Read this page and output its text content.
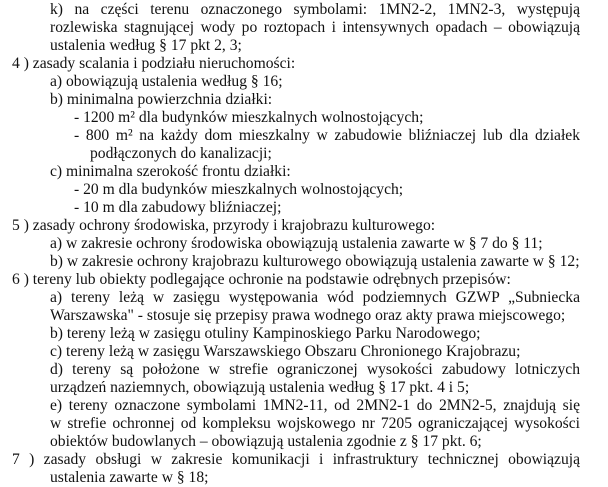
k) na części terenu oznaczonego symbolami: 1MN2-2, 1MN2-3, występują
rozlewiska stagnującej wody po roztopach i intensywnych opadach – obowiązują
ustalenia według § 17 pkt 2, 3;
4 ) zasady scalania i podziału nieruchomości:
a) obowiązują ustalenia według § 16;
b) minimalna powierzchnia działki:
- 1200 m² dla budynków mieszkalnych wolnostojących;
- 800 m² na każdy dom mieszkalny w zabudowie bliźniaczej lub dla działek
podłączonych do kanalizacji;
c) minimalna szerokość frontu działki:
- 20 m dla budynków mieszkalnych wolnostojących;
- 10 m dla zabudowy bliźniaczej;
5 ) zasady ochrony środowiska, przyrody i krajobrazu kulturowego:
a) w zakresie ochrony środowiska obowiązują ustalenia zawarte w § 7 do § 11;
b) w zakresie ochrony krajobrazu kulturowego obowiązują ustalenia zawarte w § 12;
6 ) tereny lub obiekty podlegające ochronie na podstawie odrębnych przepisów:
a) tereny leżą w zasięgu występowania wód podziemnych GZWP „Subniecka
Warszawska" - stosuje się przepisy prawa wodnego oraz akty prawa miejscowego;
b) tereny leżą w zasięgu otuliny Kampinoskiego Parku Narodowego;
c) tereny leżą w zasięgu Warszawskiego Obszaru Chronionego Krajobrazu;
d) tereny są położone w strefie ograniczonej wysokości zabudowy lotniczych
urządzeń naziemnych, obowiązują ustalenia według § 17 pkt. 4 i 5;
e) tereny oznaczone symbolami 1MN2-11, od 2MN2-1 do 2MN2-5, znajdują się
w strefie ochronnej od kompleksu wojskowego nr 7205 ograniczającej wysokości
obiektów budowlanych – obowiązują ustalenia zgodnie z § 17 pkt. 6;
7 ) zasady obsługi w zakresie komunikacji i infrastruktury technicznej obowiązują
ustalenia zawarte w § 18;
